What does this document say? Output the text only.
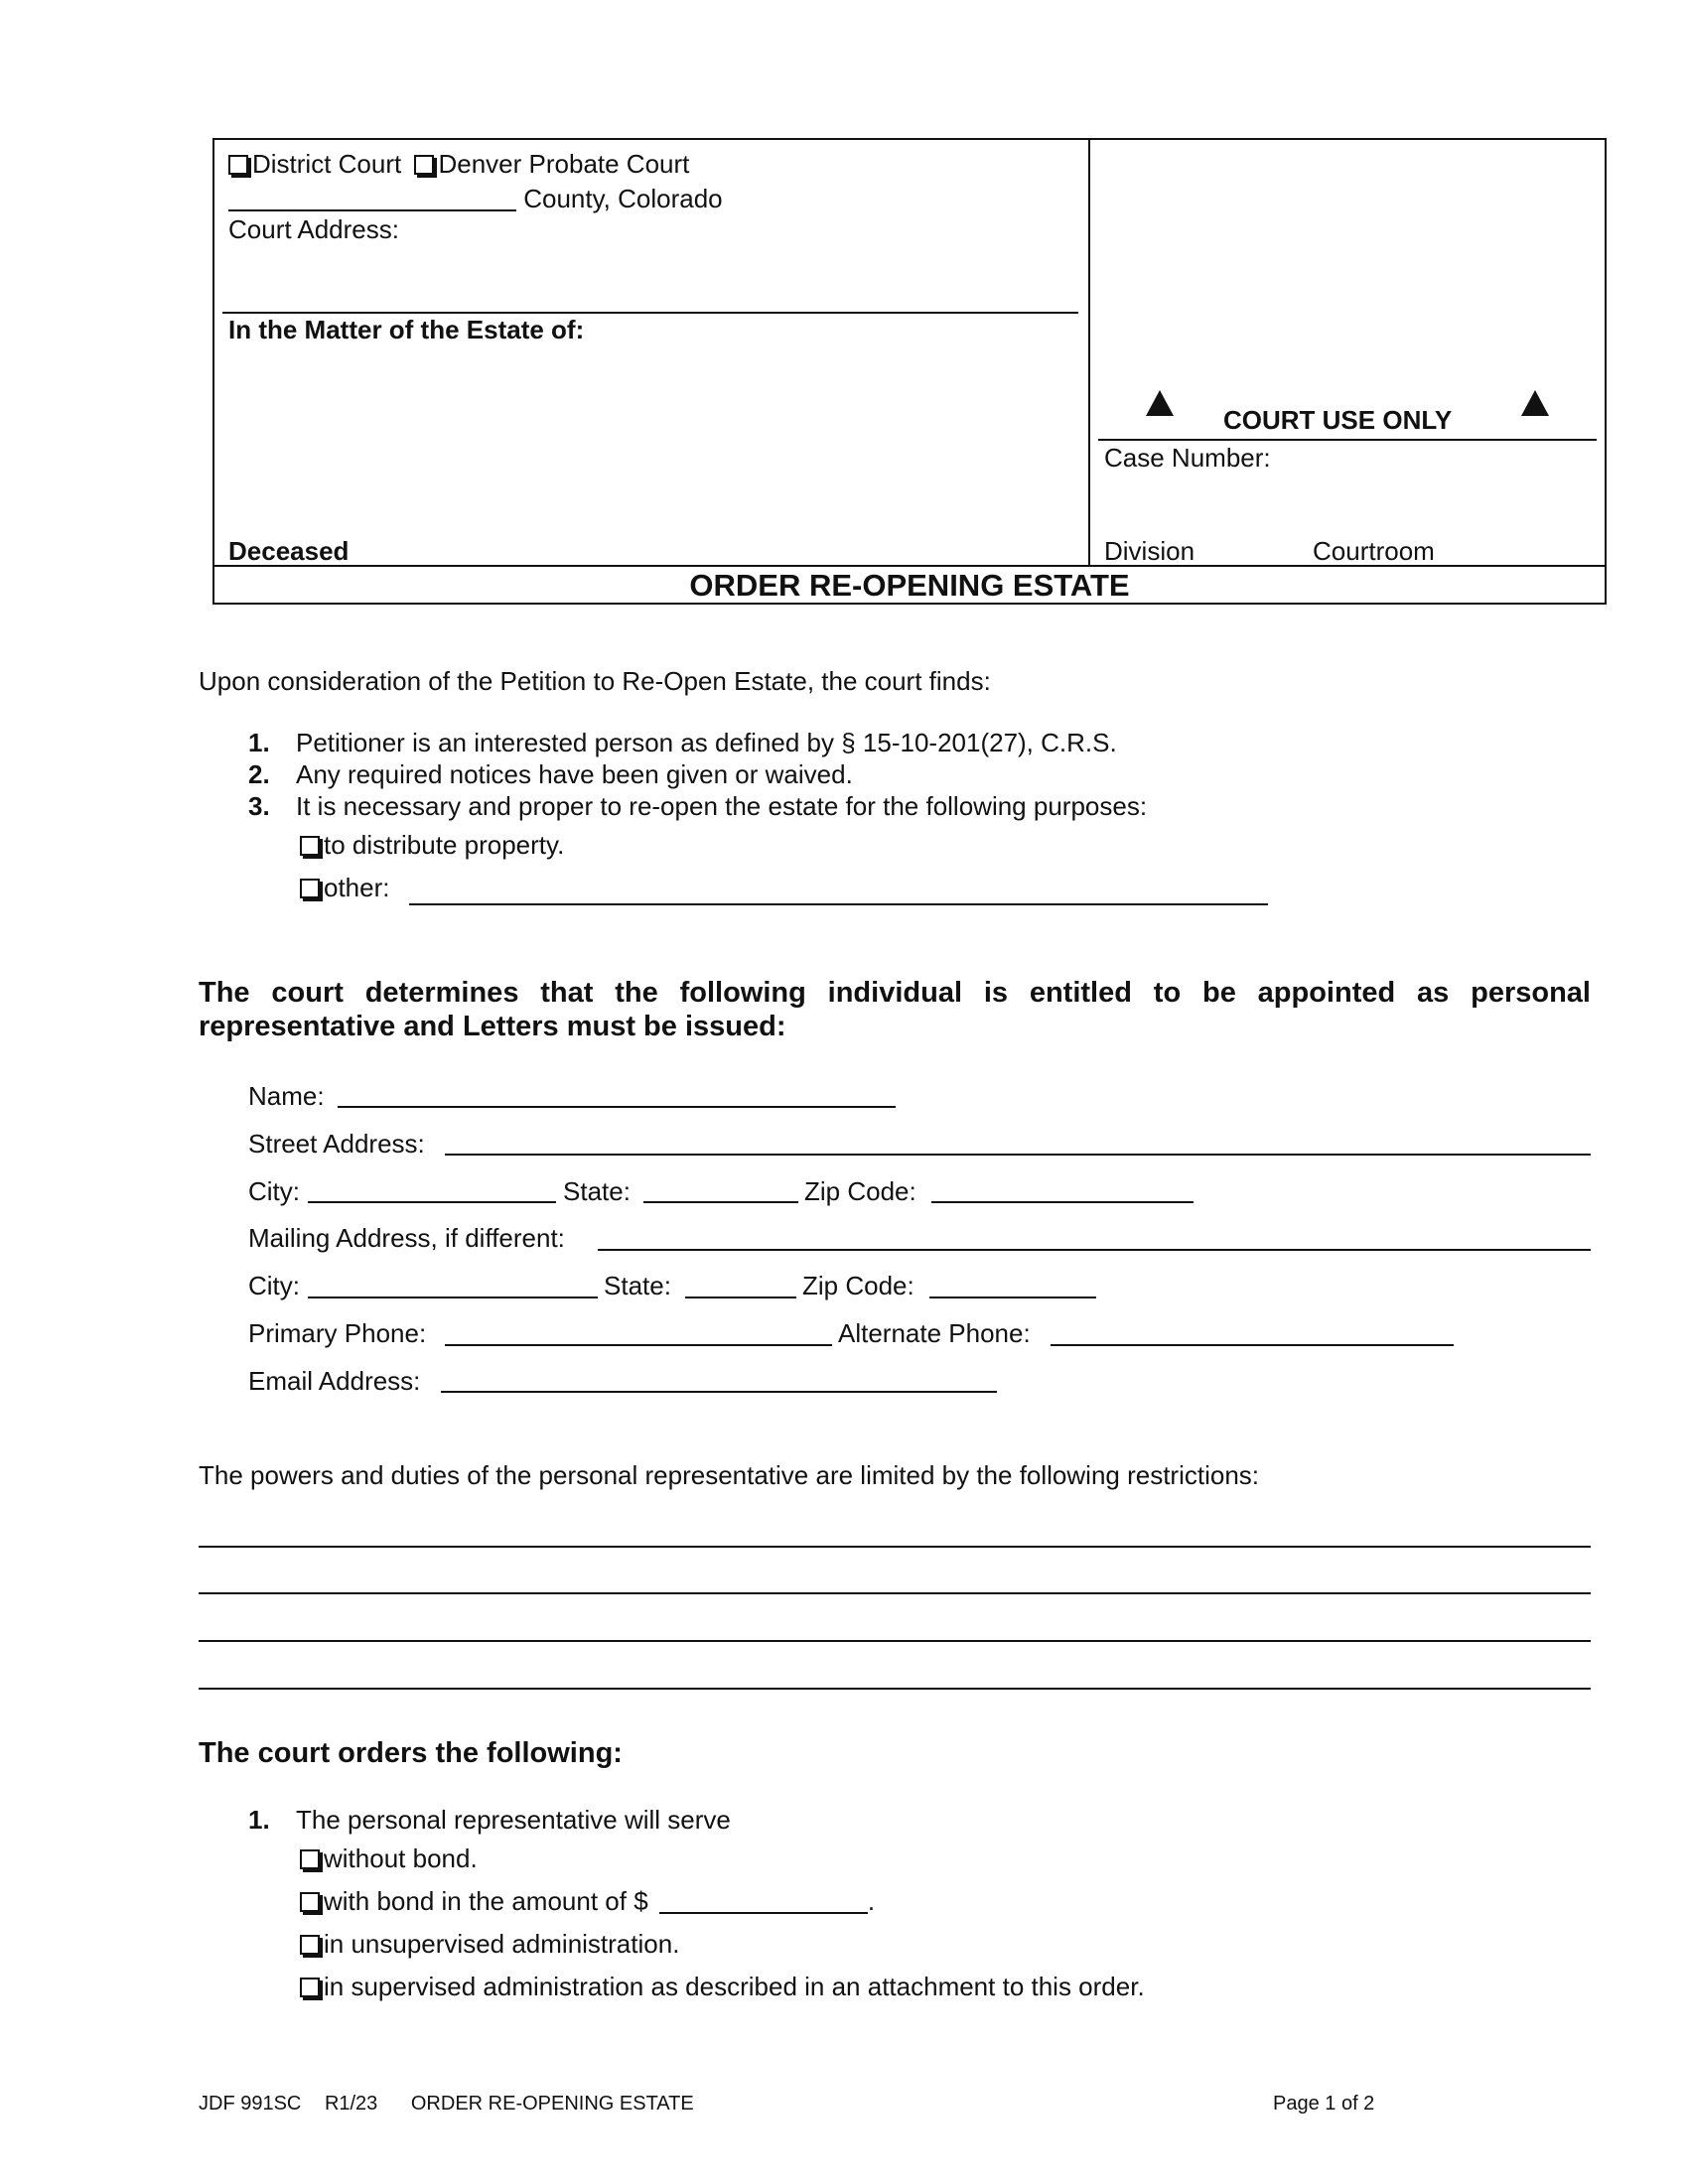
District Court Denver Probate Court
County, Colorado
Court Address:
In the Matter of the Estate of:
Deceased
COURT USE ONLY
Case Number:
Division	Courtroom
ORDER RE-OPENING ESTATE
Upon consideration of the Petition to Re-Open Estate, the court finds:
1. Petitioner is an interested person as defined by § 15-10-201(27), C.R.S.
2. Any required notices have been given or waived.
3. It is necessary and proper to re-open the estate for the following purposes:
to distribute property.
other:
The court determines that the following individual is entitled to be appointed as personal
representative and Letters must be issued:
Name:
Street Address:
City:	State:	Zip Code:
Mailing Address, if different:
City:	State:	Zip Code:
Primary Phone:	Alternate Phone:
Email Address:
The powers and duties of the personal representative are limited by the following restrictions:
The court orders the following:
1. The personal representative will serve
without bond.
with bond in the amount of $	.
in unsupervised administration.
in supervised administration as described in an attachment to this order.
JDF 991SC R1/23 ORDER RE-OPENING ESTATE	Page 1 of 2
